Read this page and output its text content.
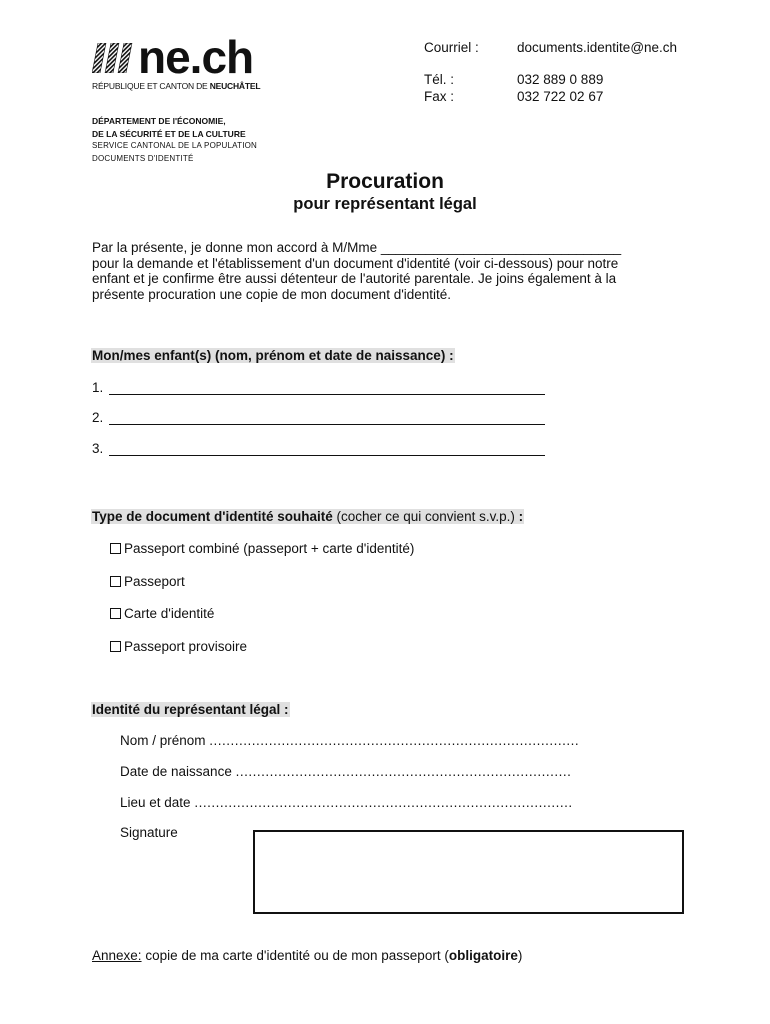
ne.ch
RÉPUBLIQUE ET CANTON DE NEUCHÂTEL
Courriel :	documents.identite@ne.ch
Tél. :	032 889 0 889
Fax :	032 722 02 67
DÉPARTEMENT DE l'ÉCONOMIE,
DE LA SÉCURITÉ ET DE LA CULTURE
SERVICE CANTONAL DE LA POPULATION
DOCUMENTS D'IDENTITÉ
Procuration
pour représentant légal
Par la présente, je donne mon accord à M/Mme ________________________________
pour la demande et l'établissement d'un document d'identité (voir ci-dessous) pour notre
enfant et je confirme être aussi détenteur de l'autorité parentale. Je joins également à la
présente procuration une copie de mon document d'identité.
Mon/mes enfant(s) (nom, prénom et date de naissance) :
1.
2.
3.
Type de document d'identité souhaité (cocher ce qui convient s.v.p.) :
Passeport combiné (passeport + carte d'identité)
Passeport
Carte d'identité
Passeport provisoire
Identité du représentant légal :
Nom / prénom .......................................................................................
Date de naissance ...............................................................................
Lieu et date .........................................................................................
Signature
Annexe: copie de ma carte d'identité ou de mon passeport (obligatoire)
